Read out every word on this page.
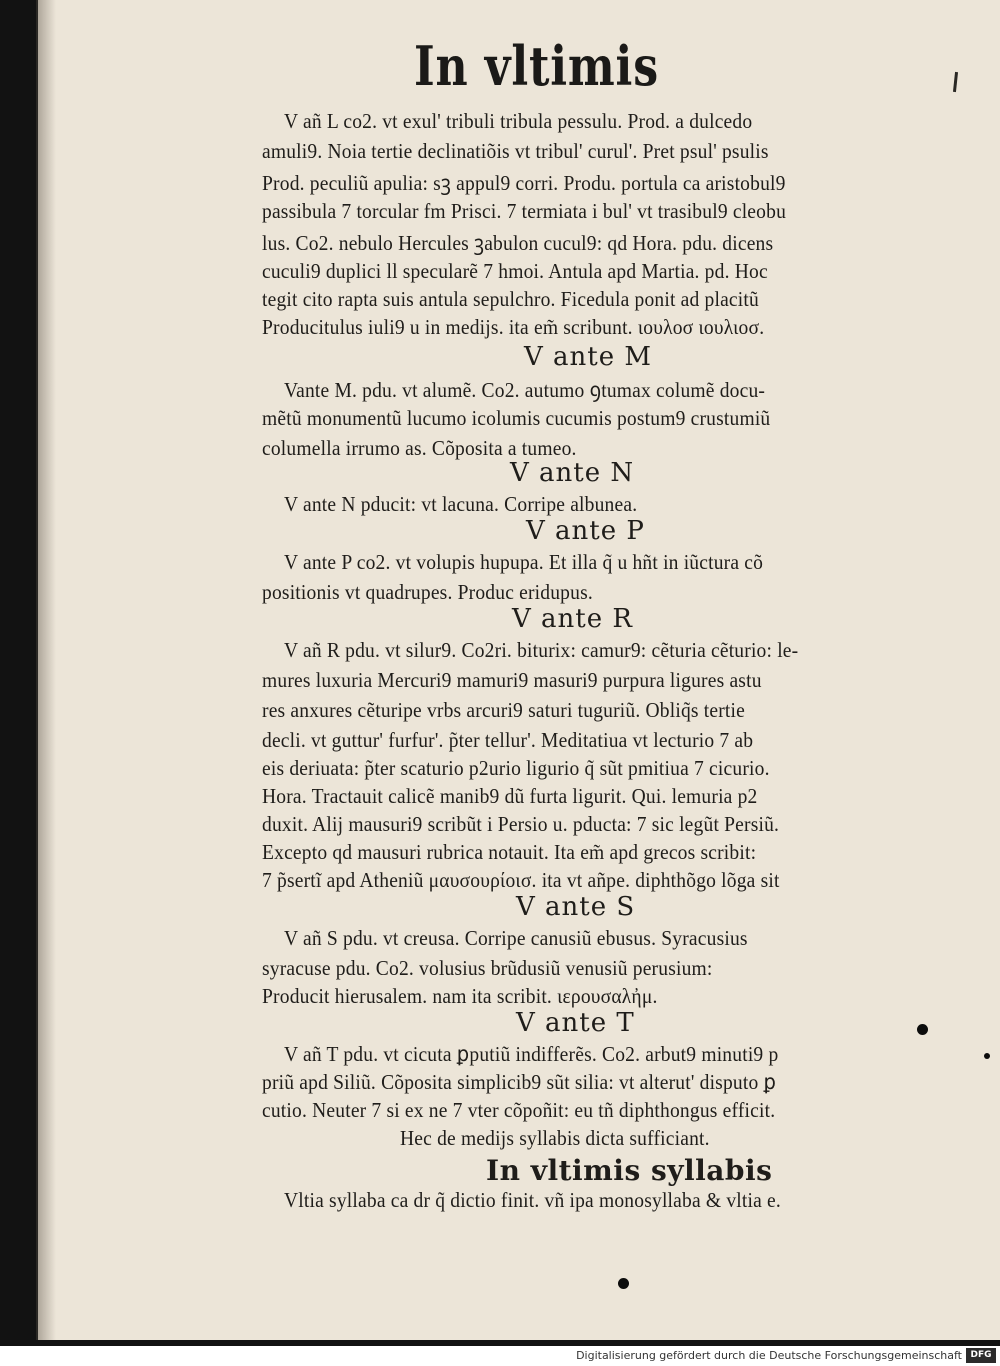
In vltimis
V añ L co2. vt exul' tribuli tribula pessulu. Prod. a dulcedo
amuli9. Noia tertie declinatiõis vt tribul' curul'. Pret psul' psulis
Prod. peculiũ apulia: sꝫ appul9 corri. Produ. portula ca aristobul9
passibula 7 torcular fm Prisci. 7 termiata i bul' vt trasibul9 cleobu
lus. Co2. nebulo Hercules ꝫabulon cucul9: qd Hora. pdu. dicens
cuculi9 duplici ll specularẽ 7 hmoi. Antula apd Martia. pd. Hoc
tegit cito rapta suis antula sepulchro. Ficedula ponit ad placitũ
Producitulus iuli9 u in medijs. ita em̃ scribunt. ιουλοσ ιουλιοσ.
V ante M
Vante M. pdu. vt alumẽ. Co2. autumo ꝯtumax columẽ docu-
mẽtũ monumentũ lucumo icolumis cucumis postum9 crustumiũ
columella irrumo as. Cõposita a tumeo.
V ante N
V ante N pducit: vt lacuna. Corripe albunea.
V ante P
V ante P co2. vt volupis hupupa. Et illa q̃ u hñt in iũctura cõ
positionis vt quadrupes. Produc eridupus.
V ante R
V añ R pdu. vt silur9. Co2ri. biturix: camur9: cẽturia cẽturio: le-
mures luxuria Mercuri9 mamuri9 masuri9 purpura ligures astu
res anxures cẽturipe vrbs arcuri9 saturi tuguriũ. Obliq̃s tertie
decli. vt guttur' furfur'. p̃ter tellur'. Meditatiua vt lecturio 7 ab
eis deriuata: p̃ter scaturio p2urio ligurio q̃ sũt pmitiua 7 cicurio.
Hora. Tractauit calicẽ manib9 dũ furta ligurit. Qui. lemuria p2
duxit. Alij mausuri9 scribũt i Persio u. pducta: 7 sic legũt Persiũ.
Excepto qd mausuri rubrica notauit. Ita em̃ apd grecos scribit:
7 p̃sertĩ apd Atheniũ μαυσουρίοισ. ita vt añpe. diphthõgo lõga sit
V ante S
V añ S pdu. vt creusa. Corripe canusiũ ebusus. Syracusius
syracuse pdu. Co2. volusius brũdusiũ venusiũ perusium:
Producit hierusalem. nam ita scribit. ιερουσαλἠμ.
V ante T
V añ T pdu. vt cicuta ꝑputiũ indifferẽs. Co2. arbut9 minuti9 p
priũ apd Siliũ. Cõposita simplicib9 sũt silia: vt alterut' disputo ꝑ
cutio. Neuter 7 si ex ne 7 vter cõpoñit: eu tñ diphthongus efficit.
Hec de medijs syllabis dicta sufficiant.
In vltimis syllabis
Vltia syllaba ca dr q̃ dictio finit. vñ ipa monosyllaba & vltia e.
Digitalisierung gefördert durch die Deutsche Forschungsgemeinschaft DFG
